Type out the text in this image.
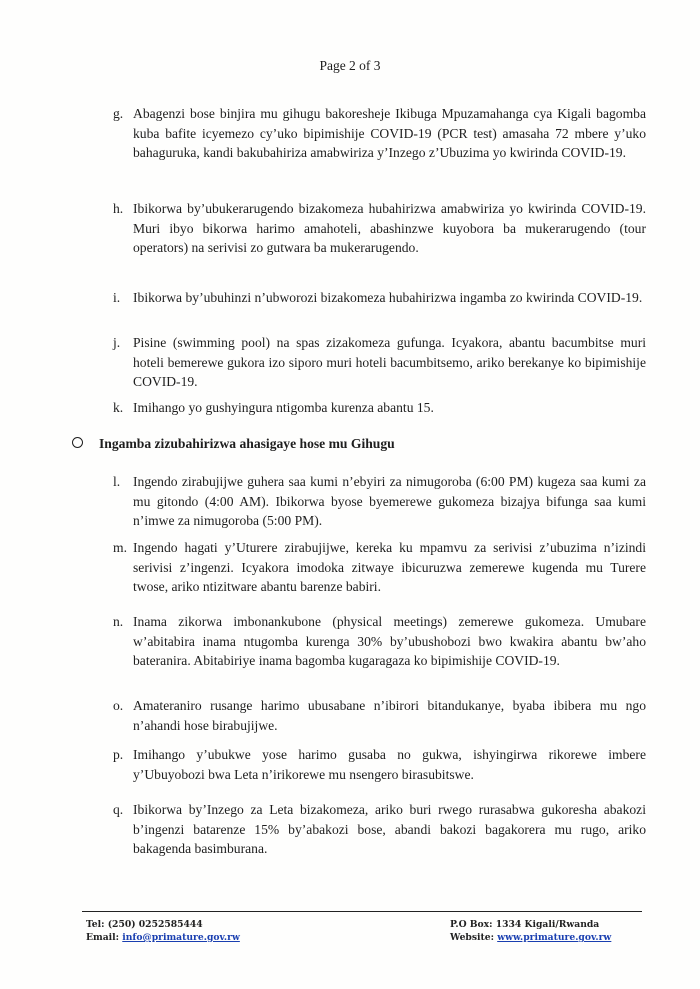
Page 2 of 3
g. Abagenzi bose binjira mu gihugu bakoresheje Ikibuga Mpuzamahanga cya Kigali bagomba kuba bafite icyemezo cy’uko bipimishije COVID-19 (PCR test) amasaha 72 mbere y’uko bahaguruka, kandi bakubahiriza amabwiriza y’Inzego z’Ubuzima yo kwirinda COVID-19.
h. Ibikorwa by’ubukerarugendo bizakomeza hubahirizwa amabwiriza yo kwirinda COVID-19. Muri ibyo bikorwa harimo amahoteli, abashinzwe kuyobora ba mukerarugendo (tour operators) na serivisi zo gutwara ba mukerarugendo.
i. Ibikorwa by’ubuhinzi n’ubworozi bizakomeza hubahirizwa ingamba zo kwirinda COVID-19.
j. Pisine (swimming pool) na spas zizakomeza gufunga. Icyakora, abantu bacumbitse muri hoteli bemerewe gukora izo siporo muri hoteli bacumbitsemo, ariko berekanye ko bipimishije COVID-19.
k. Imihango yo gushyingura ntigomba kurenza abantu 15.
Ingamba zizubahirizwa ahasigaye hose mu Gihugu
l. Ingendo zirabujijwe guhera saa kumi n’ebyiri za nimugoroba (6:00 PM) kugeza saa kumi za mu gitondo (4:00 AM). Ibikorwa byose byemerewe gukomeza bizajya bifunga saa kumi n’imwe za nimugoroba (5:00 PM).
m. Ingendo hagati y’Uturere zirabujijwe, kereka ku mpamvu za serivisi z’ubuzima n’izindi serivisi z’ingenzi. Icyakora imodoka zitwaye ibicuruzwa zemerewe kugenda mu Turere twose, ariko ntizitware abantu barenze babiri.
n. Inama zikorwa imbonankubone (physical meetings) zemerewe gukomeza. Umubare w’abitabira inama ntugomba kurenga 30% by’ubushobozi bwo kwakira abantu bw’aho bateranira. Abitabiriye inama bagomba kugaragaza ko bipimishije COVID-19.
o. Amateraniro rusange harimo ubusabane n’ibirori bitandukanye, byaba ibibera mu ngo n’ahandi hose birabujijwe.
p. Imihango y’ubukwe yose harimo gusaba no gukwa, ishyingirwa rikorewe imbere y’Ubuyobozi bwa Leta n’irikorewe mu nsengero birasubitswe.
q. Ibikorwa by’Inzego za Leta bizakomeza, ariko buri rwego rurasabwa gukoresha abakozi b’ingenzi batarenze 15% by’abakozi bose, abandi bakozi bagakorera mu rugo, ariko bakagenda basimburana.
Tel: (250) 0252585444
Email: info@primature.gov.rw
P.O Box: 1334 Kigali/Rwanda
Website: www.primature.gov.rw
